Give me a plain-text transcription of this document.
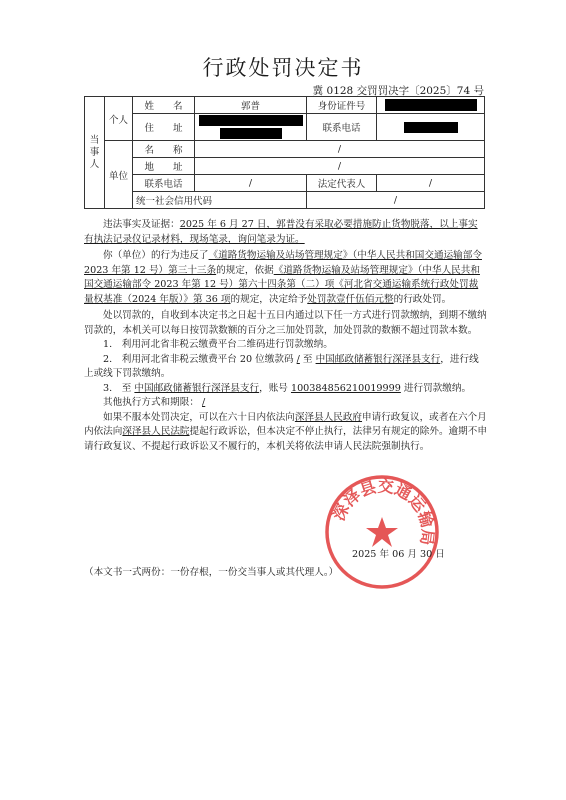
行政处罚决定书
冀 0128 交罚罚决字〔2025〕74 号
当事人	个人	姓　　名	郭普	身份证件号	
		住　　址		联系电话	
	单位	名　　称	/		
		地　　址	/		
		联系电话	/	法定代表人	/
		统一社会信用代码		/	

违法事实及证据：2025 年 6 月 27 日，郭普没有采取必要措施防止货物脱落，以上事实有执法记录仪记录材料，现场笔录，询问笔录为证。

你（单位）的行为违反了《道路货物运输及站场管理规定》（中华人民共和国交通运输部令 2023 年第 12 号）第三十三条的规定，依据《道路货物运输及站场管理规定》（中华人民共和国交通运输部令 2023 年第 12 号）第六十四条第（二）项《河北省交通运输系统行政处罚裁量权基准（2024 年版）》第 36 项的规定，决定给予处罚款壹仟伍佰元整的行政处罚。

处以罚款的，自收到本决定书之日起十五日内通过以下任一方式进行罚款缴纳，到期不缴纳罚款的，本机关可以每日按罚款数额的百分之三加处罚款，加处罚款的数额不超过罚款本数。

1.　利用河北省非税云缴费平台二维码进行罚款缴纳。

2.　利用河北省非税云缴费平台 20 位缴款码 / 至 中国邮政储蓄银行深泽县支行，进行线上或线下罚款缴纳。

3.　至 中国邮政储蓄银行深泽县支行，账号 100384856210019999 进行罚款缴纳。

其他执行方式和期限： /

如果不服本处罚决定，可以在六十日内依法向深泽县人民政府申请行政复议，或者在六个月内依法向深泽县人民法院提起行政诉讼，但本决定不停止执行，法律另有规定的除外。逾期不申请行政复议、不提起行政诉讼又不履行的，本机关将依法申请人民法院强制执行。

深泽县交通运输局
2025 年 06 月 30 日
（本文书一式两份：一份存根，一份交当事人或其代理人。）
